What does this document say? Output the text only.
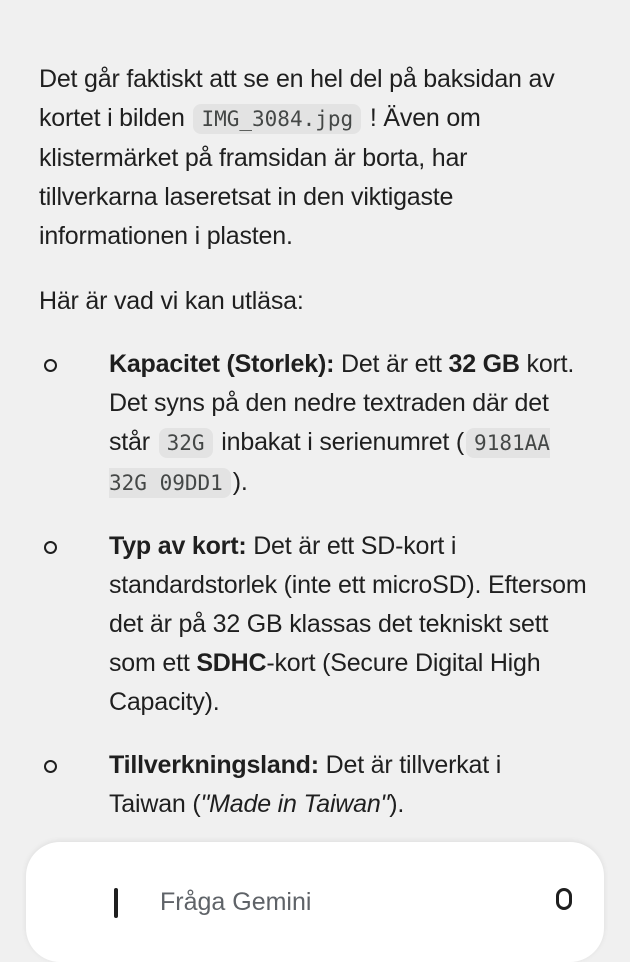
Det går faktiskt att se en hel del på baksidan av kortet i bilden IMG_3084.jpg ! Även om klistermärket på framsidan är borta, har tillverkarna laseretsat in den viktigaste informationen i plasten.

Här är vad vi kan utläsa:

Kapacitet (Storlek): Det är ett 32 GB kort. Det syns på den nedre textraden där det står 32G inbakat i serienumret ( 9181AA 32G 09DD1 ).
Typ av kort: Det är ett SD-kort i standardstorlek (inte ett microSD). Eftersom det är på 32 GB klassas det tekniskt sett som ett SDHC-kort (Secure Digital High Capacity).
Tillverkningsland: Det är tillverkat i Taiwan ("Made in Taiwan").
Fråga Gemini
